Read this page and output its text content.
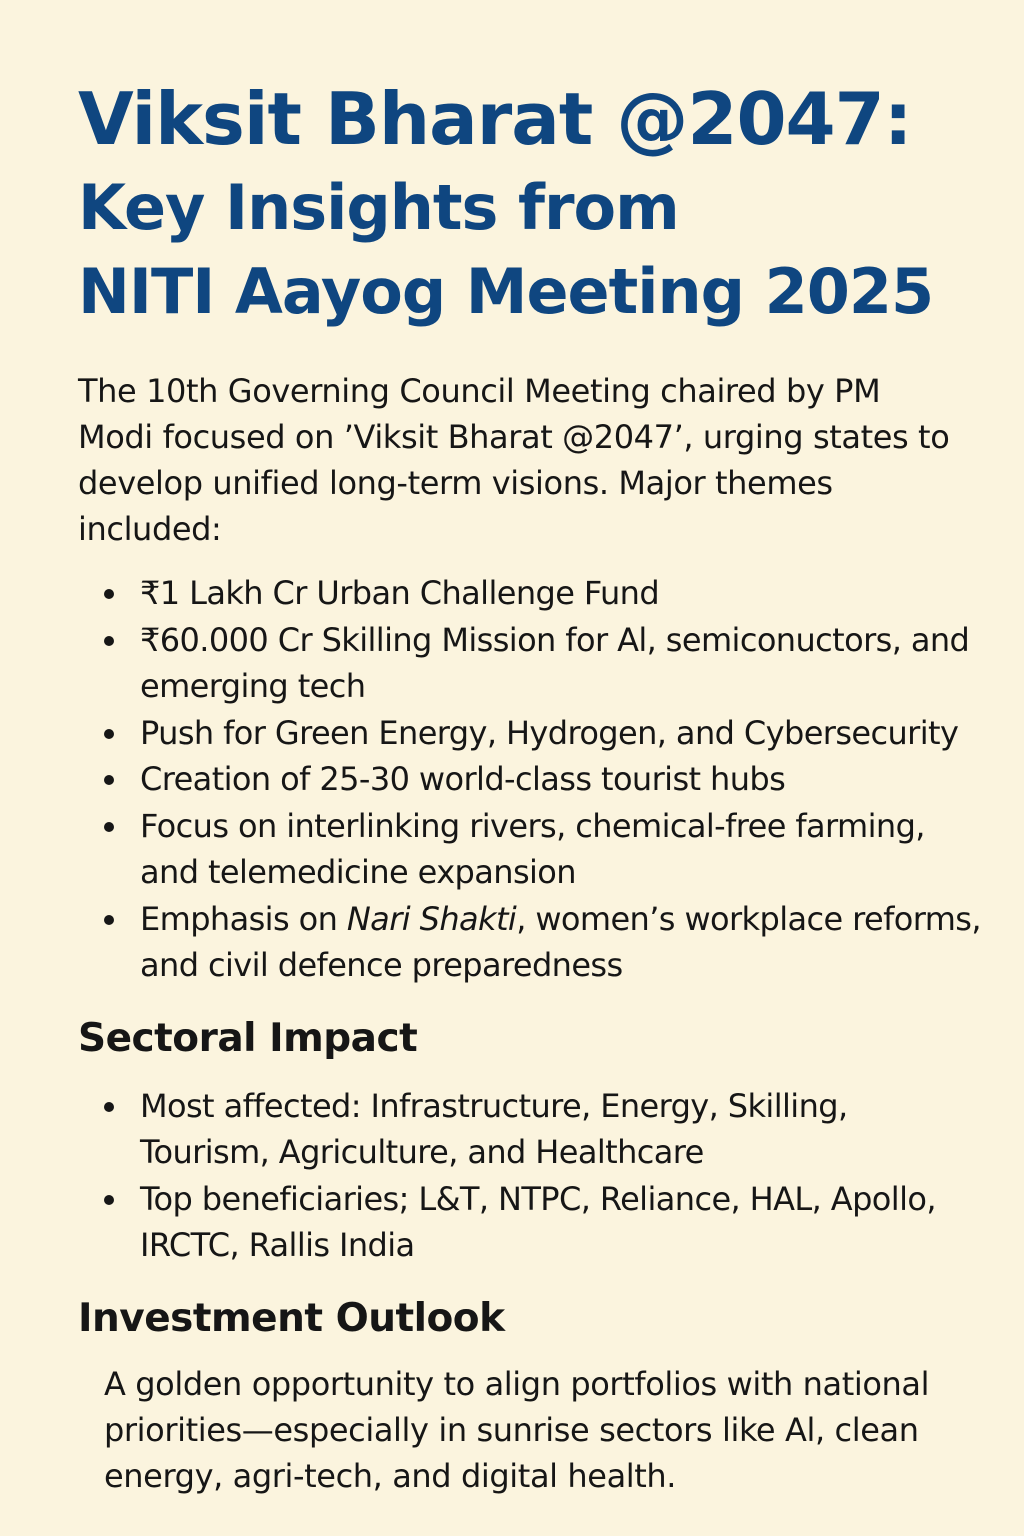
Viksit Bharat @2047:
Key Insights from
NITI Aayog Meeting 2025

The 10th Governing Council Meeting chaired by PM Modi focused on ’Viksit Bharat @2047’, urging states to develop unified long-term visions. Major themes included:

₹1 Lakh Cr Urban Challenge Fund
₹60.000 Cr Skilling Mission for Al, semiconuctors, and emerging tech
Push for Green Energy, Hydrogen, and Cybersecurity
Creation of 25-30 world-class tourist hubs
Focus on interlinking rivers, chemical-free farming, and telemedicine expansion
Emphasis on Nari Shakti, women’s workplace reforms, and civil defence preparedness
Sectoral Impact
Most affected: Infrastructure, Energy, Skilling, Tourism, Agriculture, and Healthcare
Top beneficiaries; L&T, NTPC, Reliance, HAL, Apollo, IRCTC, Rallis India
Investment Outlook

A golden opportunity to align portfolios with national priorities—especially in sunrise sectors like Al, clean energy, agri-tech, and digital health.
